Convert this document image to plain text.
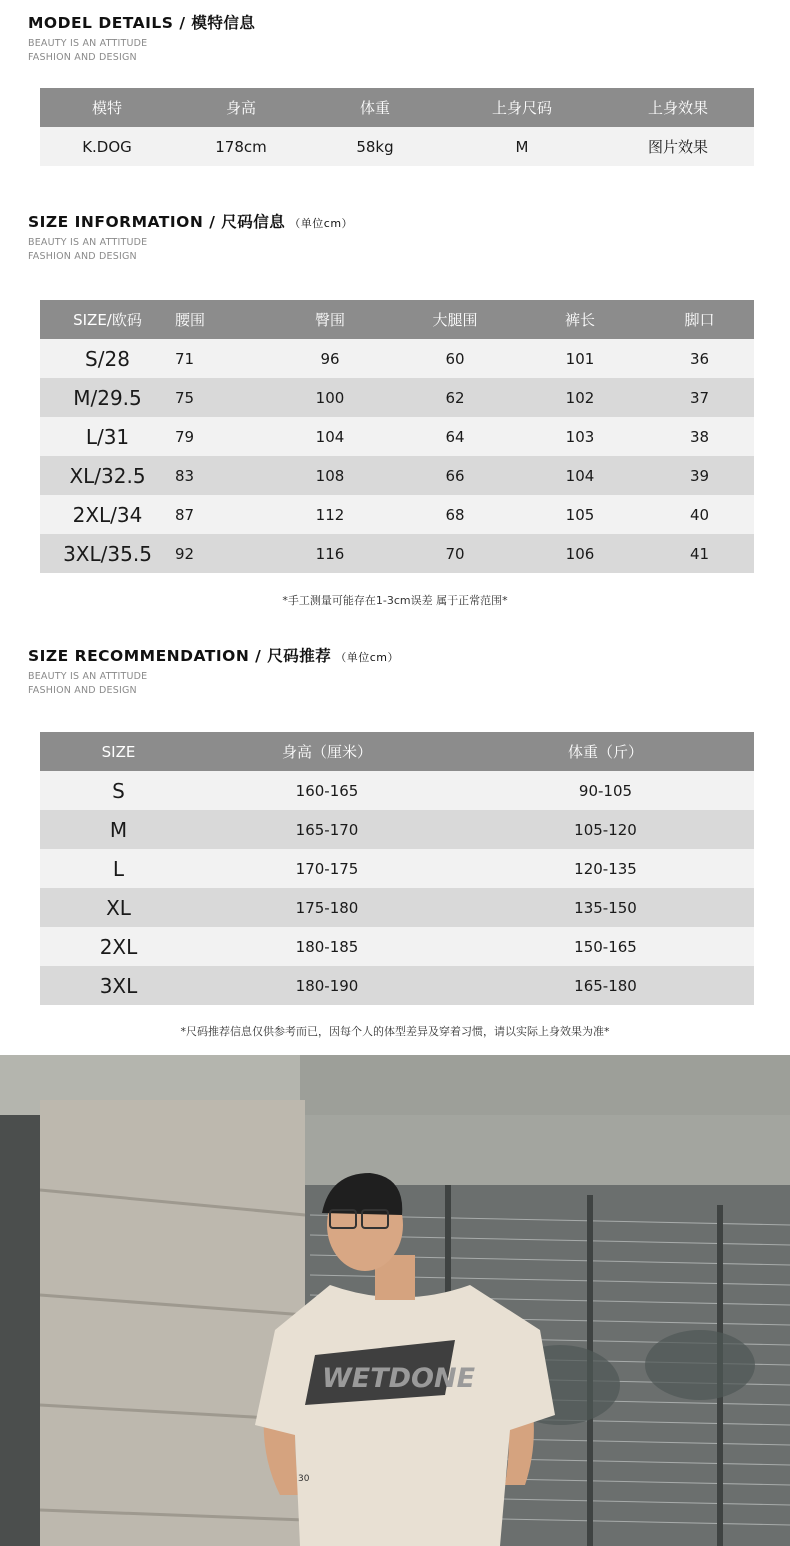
MODEL DETAILS / 模特信息
BEAUTY IS AN ATTITUDE
FASHION AND DESIGN
模特	身高	体重	上身尺码	上身效果
K.DOG	178cm	58kg	M	图片效果
SIZE INFORMATION / 尺码信息 （单位cm）
BEAUTY IS AN ATTITUDE
FASHION AND DESIGN
SIZE/欧码	腰围	臀围	大腿围	裤长	脚口
S/28	71	96	60	101	36
M/29.5	75	100	62	102	37
L/31	79	104	64	103	38
XL/32.5	83	108	66	104	39
2XL/34	87	112	68	105	40
3XL/35.5	92	116	70	106	41
*手工测量可能存在1-3cm误差 属于正常范围*
SIZE RECOMMENDATION / 尺码推荐 （单位cm）
BEAUTY IS AN ATTITUDE
FASHION AND DESIGN
SIZE	身高（厘米）	体重（斤）
S	160-165	90-105
M	165-170	105-120
L	170-175	120-135
XL	175-180	135-150
2XL	180-185	150-165
3XL	180-190	165-180
*尺码推荐信息仅供参考而已，因每个人的体型差异及穿着习惯，请以实际上身效果为准*
WETDONE
30
